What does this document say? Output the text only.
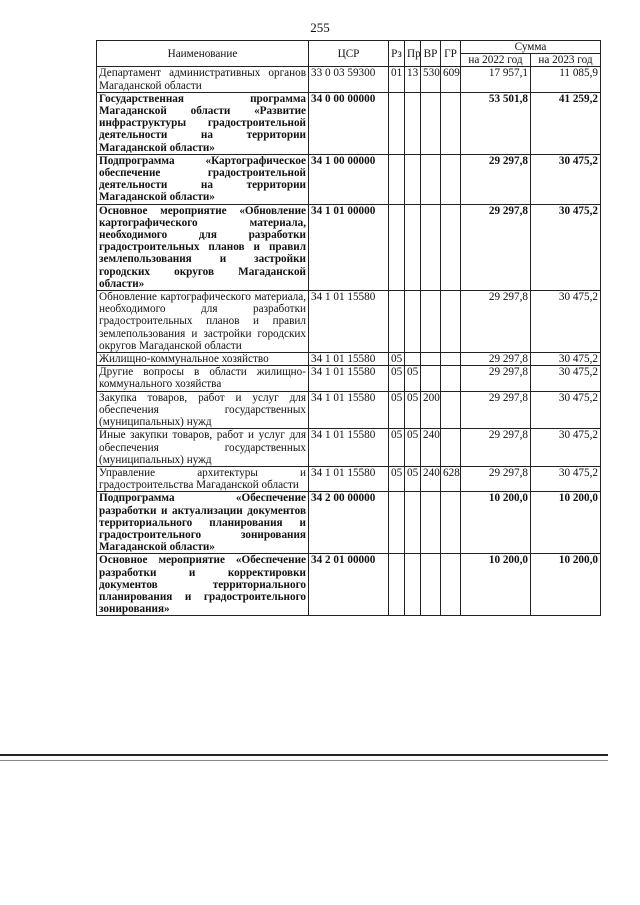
255
Наименование	ЦСР	Рз	Пр	ВР	ГР	Сумма	
						на 2022 год	на 2023 год
Департамент административных органов Магаданской области	33 0 03 59300	01	13	530	609	17 957,1	11 085,9
Государственная программа Магаданской области «Развитие инфраструктуры градостроительной деятельности на территории Магаданской области»	34 0 00 00000					53 501,8	41 259,2
Подпрограмма «Картографическое обеспечение градостроительной деятельности на территории Магаданской области»	34 1 00 00000					29 297,8	30 475,2
Основное мероприятие «Обновление картографического материала, необходимого для разработки градостроительных планов и правил землепользования и застройки городских округов Магаданской области»	34 1 01 00000					29 297,8	30 475,2
Обновление картографического материала, необходимого для разработки градостроительных планов и правил землепользования и застройки городских округов Магаданской области	34 1 01 15580					29 297,8	30 475,2
Жилищно-коммунальное хозяйство	34 1 01 15580	05				29 297,8	30 475,2
Другие вопросы в области жилищно-коммунального хозяйства	34 1 01 15580	05	05			29 297,8	30 475,2
Закупка товаров, работ и услуг для обеспечения государственных (муниципальных) нужд	34 1 01 15580	05	05	200		29 297,8	30 475,2
Иные закупки товаров, работ и услуг для обеспечения государственных (муниципальных) нужд	34 1 01 15580	05	05	240		29 297,8	30 475,2
Управление архитектуры и градостроительства Магаданской области	34 1 01 15580	05	05	240	628	29 297,8	30 475,2
Подпрограмма «Обеспечение разработки и актуализации документов территориального планирования и градостроительного зонирования Магаданской области»	34 2 00 00000					10 200,0	10 200,0
Основное мероприятие «Обеспечение разработки и корректировки документов территориального планирования и градостроительного зонирования»	34 2 01 00000					10 200,0	10 200,0
